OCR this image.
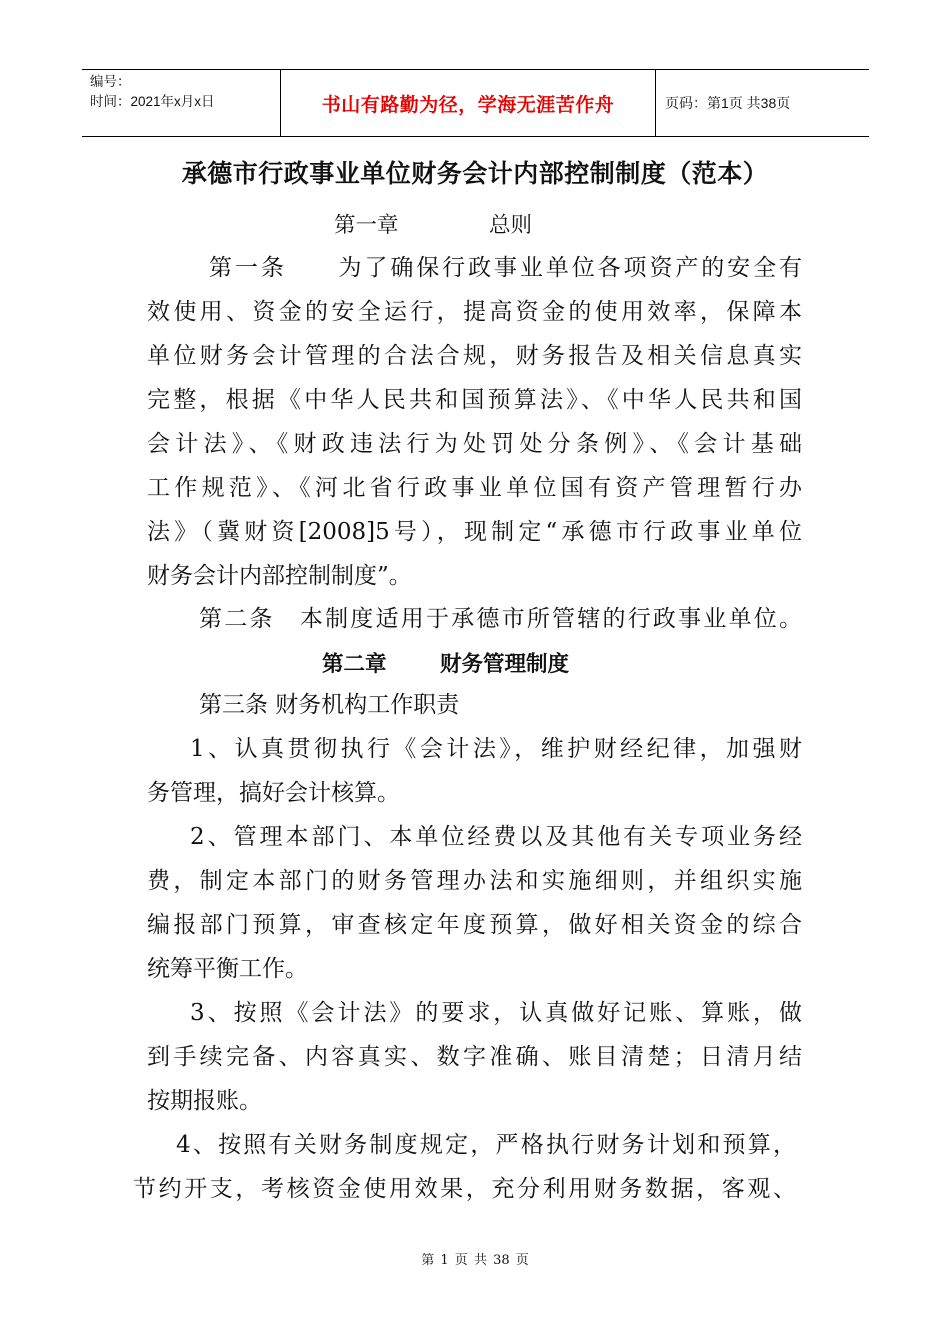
编号：
时间：2021年x月x日	书山有路勤为径，学海无涯苦作舟	页码：第1页 共38页
承德市行政事业单位财务会计内部控制制度（范本）
第一章	总则
第一条　　为了确保行政事业单位各项资产的安全有
效使用、资金的安全运行，提高资金的使用效率，保障本
单位财务会计管理的合法合规，财务报告及相关信息真实
完整，根据《中华人民共和国预算法》、《中华人民共和国
会计法》、《财政违法行为处罚处分条例》、《会计基础
工作规范》、《河北省行政事业单位国有资产管理暂行办
法》（冀财资[2008]5号），现制定“承德市行政事业单位
财务会计内部控制制度”。
第二条　本制度适用于承德市所管辖的行政事业单位。
第二章 财务管理制度
第三条 财务机构工作职责
1、认真贯彻执行《会计法》，维护财经纪律，加强财
务管理，搞好会计核算。
2、管理本部门、本单位经费以及其他有关专项业务经
费，制定本部门的财务管理办法和实施细则，并组织实施
编报部门预算，审查核定年度预算，做好相关资金的综合
统筹平衡工作。
3、按照《会计法》的要求，认真做好记账、算账，做
到手续完备、内容真实、数字准确、账目清楚；日清月结
按期报账。
4、按照有关财务制度规定，严格执行财务计划和预算，
节约开支，考核资金使用效果，充分利用财务数据，客观、
第 1 页 共 38 页
